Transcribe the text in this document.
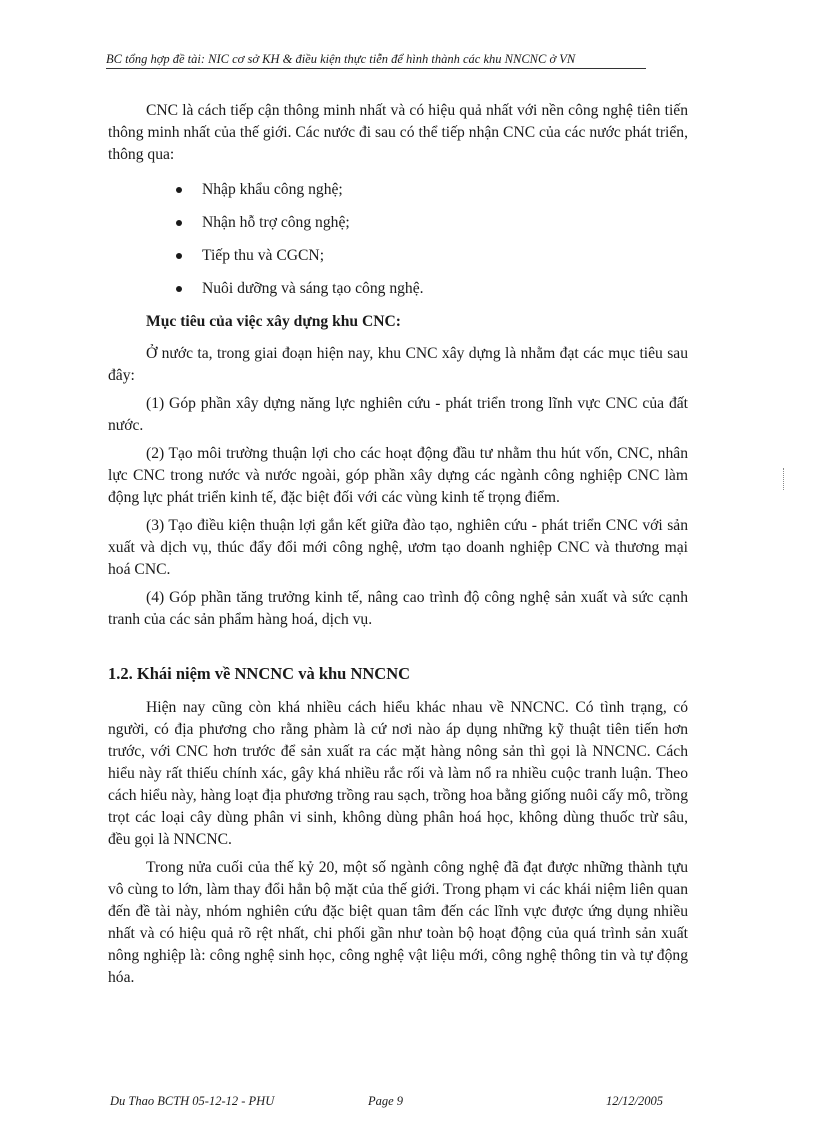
BC tổng hợp đề tài: NIC cơ sở KH & điều kiện thực tiễn để hình thành các khu NNCNC ở VN

CNC là cách tiếp cận thông minh nhất và có hiệu quả nhất với nền công nghệ tiên tiến thông minh nhất của thế giới. Các nước đi sau có thể tiếp nhận CNC của các nước phát triển, thông qua:

Nhập khẩu công nghệ;
Nhận hỗ trợ công nghệ;
Tiếp thu và CGCN;
Nuôi dưỡng và sáng tạo công nghệ.
Mục tiêu của việc xây dựng khu CNC:

Ở nước ta, trong giai đoạn hiện nay, khu CNC xây dựng là nhằm đạt các mục tiêu sau đây:

(1) Góp phần xây dựng năng lực nghiên cứu - phát triển trong lĩnh vực CNC của đất nước.

(2) Tạo môi trường thuận lợi cho các hoạt động đầu tư nhằm thu hút vốn, CNC, nhân lực CNC trong nước và nước ngoài, góp phần xây dựng các ngành công nghiệp CNC làm động lực phát triển kinh tế, đặc biệt đối với các vùng kinh tế trọng điểm.

(3) Tạo điều kiện thuận lợi gắn kết giữa đào tạo, nghiên cứu - phát triển CNC với sản xuất và dịch vụ, thúc đẩy đổi mới công nghệ, ươm tạo doanh nghiệp CNC và thương mại hoá CNC.

(4) Góp phần tăng trưởng kinh tế, nâng cao trình độ công nghệ sản xuất và sức cạnh tranh của các sản phẩm hàng hoá, dịch vụ.

1.2. Khái niệm về NNCNC và khu NNCNC

Hiện nay cũng còn khá nhiều cách hiểu khác nhau về NNCNC. Có tình trạng, có người, có địa phương cho rằng phàm là cứ nơi nào áp dụng những kỹ thuật tiên tiến hơn trước, với CNC hơn trước để sản xuất ra các mặt hàng nông sản thì gọi là NNCNC. Cách hiểu này rất thiếu chính xác, gây khá nhiều rắc rối và làm nổ ra nhiều cuộc tranh luận. Theo cách hiểu này, hàng loạt địa phương trồng rau sạch, trồng hoa bằng giống nuôi cấy mô, trồng trọt các loại cây dùng phân vi sinh, không dùng phân hoá học, không dùng thuốc trừ sâu, đều gọi là NNCNC.

Trong nửa cuối của thế kỷ 20, một số ngành công nghệ đã đạt được những thành tựu vô cùng to lớn, làm thay đổi hẳn bộ mặt của thế giới. Trong phạm vi các khái niệm liên quan đến đề tài này, nhóm nghiên cứu đặc biệt quan tâm đến các lĩnh vực được ứng dụng nhiều nhất và có hiệu quả rõ rệt nhất, chi phối gần như toàn bộ hoạt động của quá trình sản xuất nông nghiệp là: công nghệ sinh học, công nghệ vật liệu mới, công nghệ thông tin và tự động hóa.

Du Thao BCTH 05-12-12 - PHU	Page 9	12/12/2005
